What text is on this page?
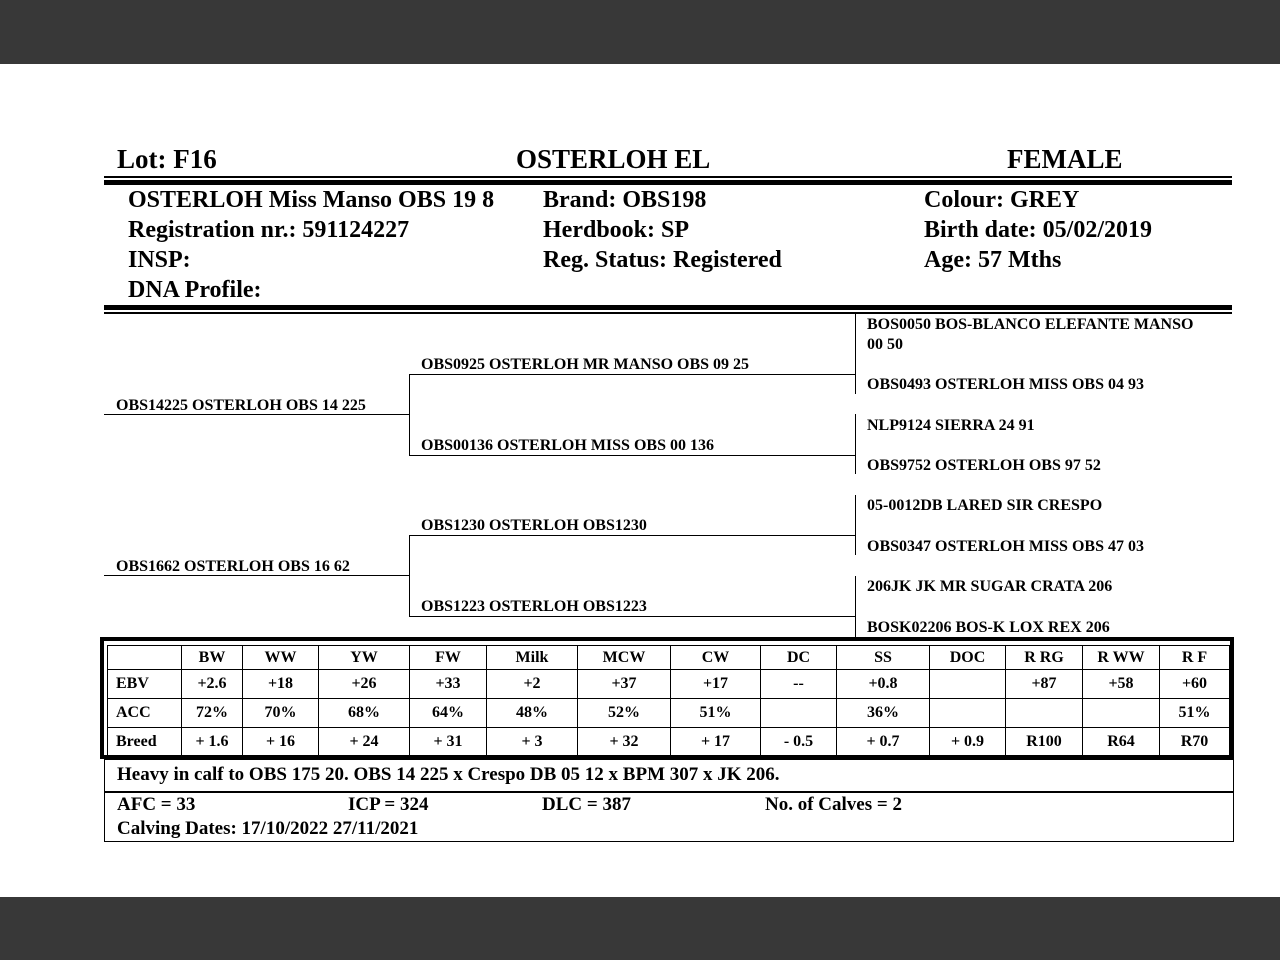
Lot: F16	OSTERLOH EL	FEMALE
OSTERLOH Miss Manso OBS 19 8
Registration nr.: 591124227
INSP:
DNA Profile:
Brand: OBS198
Herdbook: SP
Reg. Status: Registered
Colour: GREY
Birth date: 05/02/2019
Age: 57 Mths
OBS14225 OSTERLOH OBS 14 225
OBS1662 OSTERLOH OBS 16 62
OBS0925 OSTERLOH MR MANSO OBS 09 25
OBS00136 OSTERLOH MISS OBS 00 136
OBS1230 OSTERLOH OBS1230
OBS1223 OSTERLOH OBS1223
BOS0050 BOS-BLANCO ELEFANTE MANSO
00 50
OBS0493 OSTERLOH MISS OBS 04 93
NLP9124 SIERRA 24 91
OBS9752 OSTERLOH OBS 97 52
05-0012DB LARED SIR CRESPO
OBS0347 OSTERLOH MISS OBS 47 03
206JK JK MR SUGAR CRATA 206
BOSK02206 BOS-K LOX REX 206
	BW	WW	YW	FW	Milk	MCW	CW	DC	SS	DOC	R RG	R WW	R F
EBV	+2.6	+18	+26	+33	+2	+37	+17	--	+0.8		+87	+58	+60
ACC	72%	70%	68%	64%	48%	52%	51%		36%				51%
Breed	+ 1.6	+ 16	+ 24	+ 31	+ 3	+ 32	+ 17	- 0.5	+ 0.7	+ 0.9	R100	R64	R70
Heavy in calf to OBS 175 20. OBS 14 225 x Crespo DB 05 12 x BPM 307 x JK 206.
AFC = 33	ICP = 324	DLC = 387	No. of Calves = 2
Calving Dates: 17/10/2022 27/11/2021
